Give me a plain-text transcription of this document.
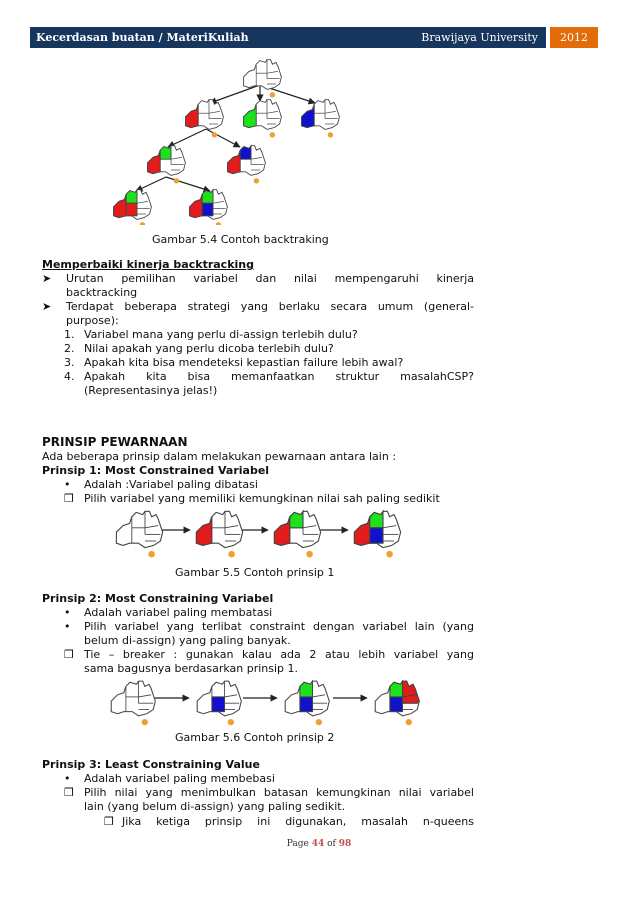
Kecerdasan buatan / MateriKuliah	Brawijaya University	2012
Gambar 5.4 Contoh backtraking
Memperbaiki kinerja backtracking
➤ Urutan pemilihan variabel dan nilai mempengaruhi kinerja
backtracking
➤ Terdapat beberapa strategi yang berlaku secara umum (general-
purpose):
1. Variabel mana yang perlu di-assign terlebih dulu?
2. Nilai apakah yang perlu dicoba terlebih dulu?
3. Apakah kita bisa mendeteksi kepastian failure lebih awal?
4. Apakah kita bisa memanfaatkan struktur masalahCSP?
(Representasinya jelas!)
PRINSIP PEWARNAAN
Ada beberapa prinsip dalam melakukan pewarnaan antara lain :
Prinsip 1: Most Constrained Variabel
• Adalah :Variabel paling dibatasi
❒ Pilih variabel yang memiliki kemungkinan nilai sah paling sedikit
Gambar 5.5 Contoh prinsip 1
Prinsip 2: Most Constraining Variabel
• Adalah variabel paling membatasi
• Pilih variabel yang terlibat constraint dengan variabel lain (yang
belum di-assign) yang paling banyak.
❒ Tie – breaker : gunakan kalau ada 2 atau lebih variabel yang
sama bagusnya berdasarkan prinsip 1.
Gambar 5.6 Contoh prinsip 2
Prinsip 3: Least Constraining Value
• Adalah variabel paling membebasi
❒ Pilih nilai yang menimbulkan batasan kemungkinan nilai variabel
lain (yang belum di-assign) yang paling sedikit.
❒ Jika ketiga prinsip ini digunakan, masalah n-queens
Page 44 of 98
